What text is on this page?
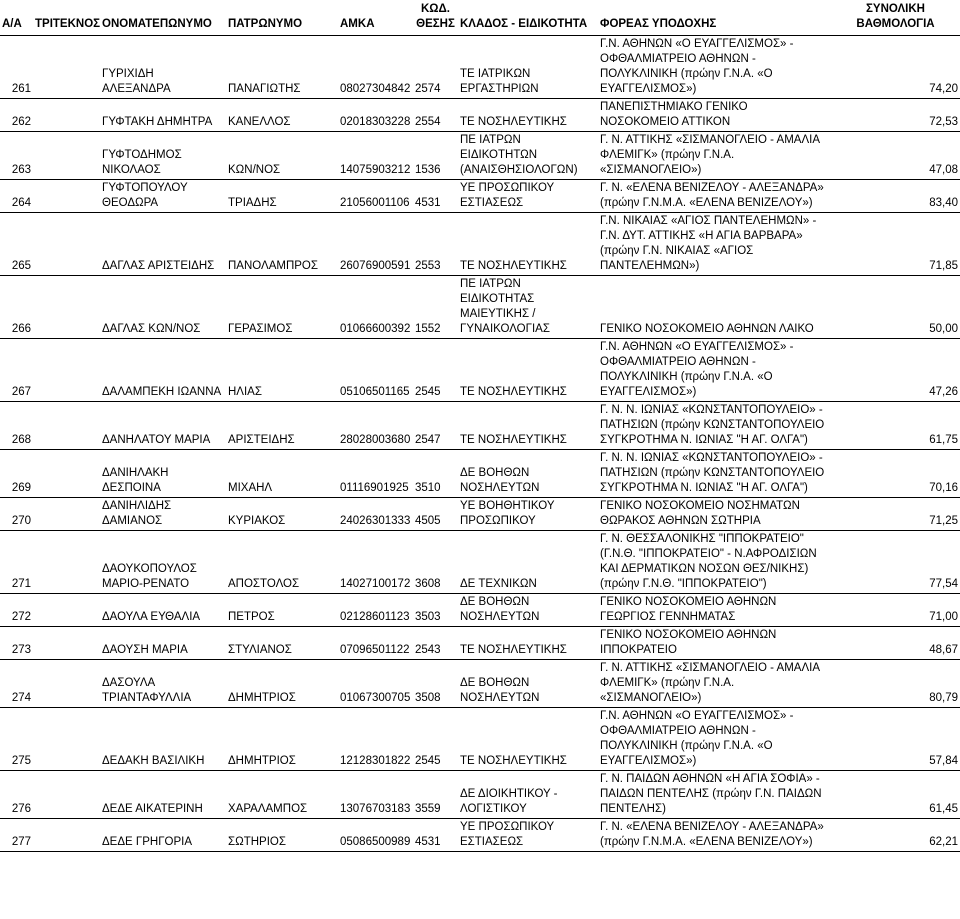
Α/Α	ΤΡΙΤΕΚΝΟΣ	ΟΝΟΜΑΤΕΠΩΝΥΜΟ	ΠΑΤΡΩΝΥΜΟ	ΑΜΚΑ	ΚΩΔ.
ΘΕΣΗΣ	ΚΛΑΔΟΣ - ΕΙΔΙΚΟΤΗΤΑ	ΦΟΡΕΑΣ ΥΠΟΔΟΧΗΣ	ΣΥΝΟΛΙΚΗ
ΒΑΘΜΟΛΟΓΙΑ
261		ΓΥΡΙΧΙΔΗ
ΑΛΕΞΑΝΔΡΑ	ΠΑΝΑΓΙΩΤΗΣ	08027304842	2574	ΤΕ ΙΑΤΡΙΚΩΝ
ΕΡΓΑΣΤΗΡΙΩΝ	Γ.Ν. ΑΘΗΝΩΝ «Ο ΕΥΑΓΓΕΛΙΣΜΟΣ» -
ΟΦΘΑΛΜΙΑΤΡΕΙΟ ΑΘΗΝΩΝ -
ΠΟΛΥΚΛΙΝΙΚΗ (πρώην Γ.Ν.Α. «Ο
ΕΥΑΓΓΕΛΙΣΜΟΣ»)	74,20
262		ΓΥΦΤΑΚΗ ΔΗΜΗΤΡΑ	ΚΑΝΕΛΛΟΣ	02018303228	2554	ΤΕ ΝΟΣΗΛΕΥΤΙΚΗΣ	ΠΑΝΕΠΙΣΤΗΜΙΑΚΟ ΓΕΝΙΚΟ
ΝΟΣΟΚΟΜΕΙΟ ΑΤΤΙΚΟΝ	72,53
263		ΓΥΦΤΟΔΗΜΟΣ
ΝΙΚΟΛΑΟΣ	ΚΩΝ/ΝΟΣ	14075903212	1536	ΠΕ ΙΑΤΡΩΝ
ΕΙΔΙΚΟΤΗΤΩΝ
(ΑΝΑΙΣΘΗΣΙΟΛΟΓΩΝ)	Γ. Ν. ΑΤΤΙΚΗΣ «ΣΙΣΜΑΝΟΓΛΕΙΟ - ΑΜΑΛΙΑ
ΦΛΕΜΙΓΚ» (πρώην Γ.Ν.Α.
«ΣΙΣΜΑΝΟΓΛΕΙΟ»)	47,08
264		ΓΥΦΤΟΠΟΥΛΟΥ
ΘΕΟΔΩΡΑ	ΤΡΙΑΔΗΣ	21056001106	4531	ΥΕ ΠΡΟΣΩΠΙΚΟΥ
ΕΣΤΙΑΣΕΩΣ	Γ. Ν. «ΕΛΕΝΑ ΒΕΝΙΖΕΛΟΥ - ΑΛΕΞΑΝΔΡΑ»
(πρώην Γ.Ν.Μ.Α. «ΕΛΕΝΑ ΒΕΝΙΖΕΛΟΥ»)	83,40
265		ΔΑΓΛΑΣ ΑΡΙΣΤΕΙΔΗΣ	ΠΑΝΟΛΑΜΠΡΟΣ	26076900591	2553	ΤΕ ΝΟΣΗΛΕΥΤΙΚΗΣ	Γ.Ν. ΝΙΚΑΙΑΣ «ΑΓΙΟΣ ΠΑΝΤΕΛΕΗΜΩΝ» -
Γ.Ν. ΔΥΤ. ΑΤΤΙΚΗΣ «Η ΑΓΙΑ ΒΑΡΒΑΡΑ»
(πρώην Γ.Ν. ΝΙΚΑΙΑΣ «ΑΓΙΟΣ
ΠΑΝΤΕΛΕΗΜΩΝ»)	71,85
266		ΔΑΓΛΑΣ ΚΩΝ/ΝΟΣ	ΓΕΡΑΣΙΜΟΣ	01066600392	1552	ΠΕ ΙΑΤΡΩΝ
ΕΙΔΙΚΟΤΗΤΑΣ
ΜΑΙΕΥΤΙΚΗΣ /
ΓΥΝΑΙΚΟΛΟΓΙΑΣ	ΓΕΝΙΚΟ ΝΟΣΟΚΟΜΕΙΟ ΑΘΗΝΩΝ ΛΑΙΚΟ	50,00
267		ΔΑΛΑΜΠΕΚΗ ΙΩΑΝΝΑ	ΗΛΙΑΣ	05106501165	2545	ΤΕ ΝΟΣΗΛΕΥΤΙΚΗΣ	Γ.Ν. ΑΘΗΝΩΝ «Ο ΕΥΑΓΓΕΛΙΣΜΟΣ» -
ΟΦΘΑΛΜΙΑΤΡΕΙΟ ΑΘΗΝΩΝ -
ΠΟΛΥΚΛΙΝΙΚΗ (πρώην Γ.Ν.Α. «Ο
ΕΥΑΓΓΕΛΙΣΜΟΣ»)	47,26
268		ΔΑΝΗΛΑΤΟΥ ΜΑΡΙΑ	ΑΡΙΣΤΕΙΔΗΣ	28028003680	2547	ΤΕ ΝΟΣΗΛΕΥΤΙΚΗΣ	Γ. Ν. Ν. ΙΩΝΙΑΣ «ΚΩΝΣΤΑΝΤΟΠΟΥΛΕΙΟ» -
ΠΑΤΗΣΙΩΝ (πρώην ΚΩΝΣΤΑΝΤΟΠΟΥΛΕΙΟ
ΣΥΓΚΡΟΤΗΜΑ Ν. ΙΩΝΙΑΣ "Η ΑΓ. ΟΛΓΑ")	61,75
269		ΔΑΝΙΗΛΑΚΗ
ΔΕΣΠΟΙΝΑ	ΜΙΧΑΗΛ	01116901925	3510	ΔΕ ΒΟΗΘΩΝ
ΝΟΣΗΛΕΥΤΩΝ	Γ. Ν. Ν. ΙΩΝΙΑΣ «ΚΩΝΣΤΑΝΤΟΠΟΥΛΕΙΟ» -
ΠΑΤΗΣΙΩΝ (πρώην ΚΩΝΣΤΑΝΤΟΠΟΥΛΕΙΟ
ΣΥΓΚΡΟΤΗΜΑ Ν. ΙΩΝΙΑΣ "Η ΑΓ. ΟΛΓΑ")	70,16
270		ΔΑΝΙΗΛΙΔΗΣ
ΔΑΜΙΑΝΟΣ	ΚΥΡΙΑΚΟΣ	24026301333	4505	ΥΕ ΒΟΗΘΗΤΙΚΟΥ
ΠΡΟΣΩΠΙΚΟΥ	ΓΕΝΙΚΟ ΝΟΣΟΚΟΜΕΙΟ ΝΟΣΗΜΑΤΩΝ
ΘΩΡΑΚΟΣ ΑΘΗΝΩΝ ΣΩΤΗΡΙΑ	71,25
271		ΔΑΟΥΚΟΠΟΥΛΟΣ
ΜΑΡΙΟ-ΡΕΝΑΤΟ	ΑΠΟΣΤΟΛΟΣ	14027100172	3608	ΔΕ ΤΕΧΝΙΚΩΝ	Γ. Ν. ΘΕΣΣΑΛΟΝΙΚΗΣ "ΙΠΠΟΚΡΑΤΕΙΟ"
(Γ.Ν.Θ. "ΙΠΠΟΚΡΑΤΕΙΟ" - Ν.ΑΦΡΟΔΙΣΙΩΝ
ΚΑΙ ΔΕΡΜΑΤΙΚΩΝ ΝΟΣΩΝ ΘΕΣ/ΝΙΚΗΣ)
(πρώην Γ.Ν.Θ. "ΙΠΠΟΚΡΑΤΕΙΟ")	77,54
272		ΔΑΟΥΛΑ ΕΥΘΑΛΙΑ	ΠΕΤΡΟΣ	02128601123	3503	ΔΕ ΒΟΗΘΩΝ
ΝΟΣΗΛΕΥΤΩΝ	ΓΕΝΙΚΟ ΝΟΣΟΚΟΜΕΙΟ ΑΘΗΝΩΝ
ΓΕΩΡΓΙΟΣ ΓΕΝΝΗΜΑΤΑΣ	71,00
273		ΔΑΟΥΣΗ ΜΑΡΙΑ	ΣΤΥΛΙΑΝΟΣ	07096501122	2543	ΤΕ ΝΟΣΗΛΕΥΤΙΚΗΣ	ΓΕΝΙΚΟ ΝΟΣΟΚΟΜΕΙΟ ΑΘΗΝΩΝ
ΙΠΠΟΚΡΑΤΕΙΟ	48,67
274		ΔΑΣΟΥΛΑ
ΤΡΙΑΝΤΑΦΥΛΛΙΑ	ΔΗΜΗΤΡΙΟΣ	01067300705	3508	ΔΕ ΒΟΗΘΩΝ
ΝΟΣΗΛΕΥΤΩΝ	Γ. Ν. ΑΤΤΙΚΗΣ «ΣΙΣΜΑΝΟΓΛΕΙΟ - ΑΜΑΛΙΑ
ΦΛΕΜΙΓΚ» (πρώην Γ.Ν.Α.
«ΣΙΣΜΑΝΟΓΛΕΙΟ»)	80,79
275		ΔΕΔΑΚΗ ΒΑΣΙΛΙΚΗ	ΔΗΜΗΤΡΙΟΣ	12128301822	2545	ΤΕ ΝΟΣΗΛΕΥΤΙΚΗΣ	Γ.Ν. ΑΘΗΝΩΝ «Ο ΕΥΑΓΓΕΛΙΣΜΟΣ» -
ΟΦΘΑΛΜΙΑΤΡΕΙΟ ΑΘΗΝΩΝ -
ΠΟΛΥΚΛΙΝΙΚΗ (πρώην Γ.Ν.Α. «Ο
ΕΥΑΓΓΕΛΙΣΜΟΣ»)	57,84
276		ΔΕΔΕ ΑΙΚΑΤΕΡΙΝΗ	ΧΑΡΑΛΑΜΠΟΣ	13076703183	3559	ΔΕ ΔΙΟΙΚΗΤΙΚΟΥ -
ΛΟΓΙΣΤΙΚΟΥ	Γ. Ν. ΠΑΙΔΩΝ ΑΘΗΝΩΝ «Η ΑΓΙΑ ΣΟΦΙΑ» -
ΠΑΙΔΩΝ ΠΕΝΤΕΛΗΣ (πρώην Γ.Ν. ΠΑΙΔΩΝ
ΠΕΝΤΕΛΗΣ)	61,45
277		ΔΕΔΕ ΓΡΗΓΟΡΙΑ	ΣΩΤΗΡΙΟΣ	05086500989	4531	ΥΕ ΠΡΟΣΩΠΙΚΟΥ
ΕΣΤΙΑΣΕΩΣ	Γ. Ν. «ΕΛΕΝΑ ΒΕΝΙΖΕΛΟΥ - ΑΛΕΞΑΝΔΡΑ»
(πρώην Γ.Ν.Μ.Α. «ΕΛΕΝΑ ΒΕΝΙΖΕΛΟΥ»)	62,21
